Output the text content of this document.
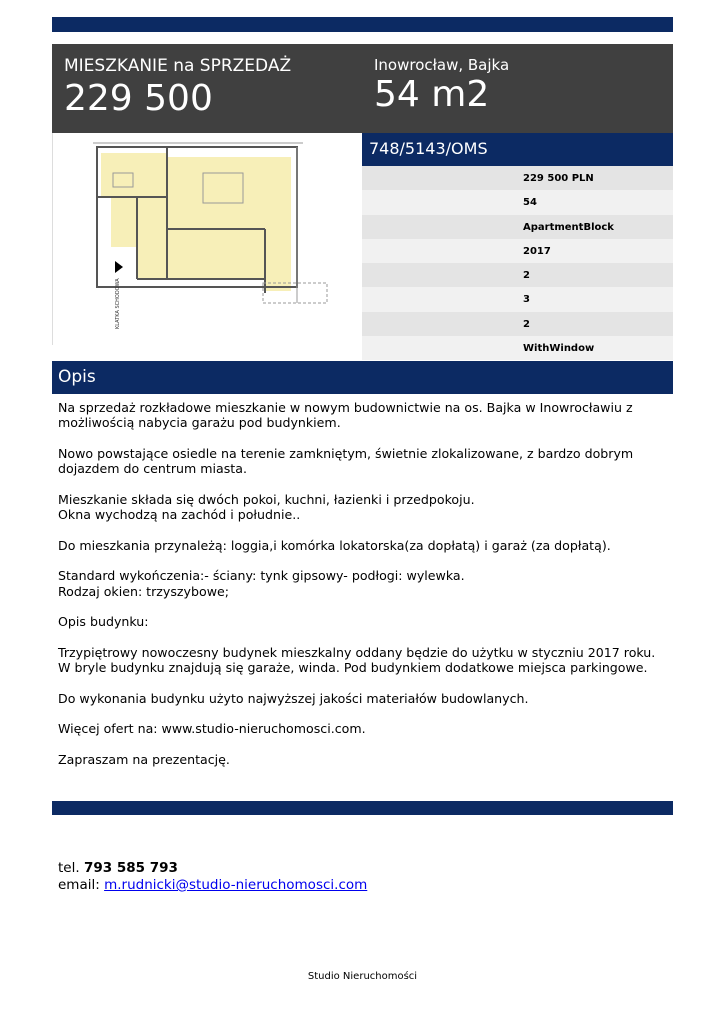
MIESZKANIE na SPRZEDAŻ
229 500
Inowrocław, Bajka
54 m2
KLATKA SCHODOWA
748/5143/OMS
229 500 PLN
54
ApartmentBlock
2017
2
3
2
WithWindow
Opis

Na sprzedaż rozkładowe mieszkanie w nowym budownictwie na os. Bajka w Inowrocławiu z możliwością nabycia garażu pod budynkiem.

Nowo powstające osiedle na terenie zamkniętym, świetnie zlokalizowane, z bardzo dobrym dojazdem do centrum miasta.

Mieszkanie składa się dwóch pokoi, kuchni, łazienki i przedpokoju.
Okna wychodzą na zachód i południe..

Do mieszkania przynależą: loggia,i komórka lokatorska(za dopłatą) i garaż (za dopłatą).

Standard wykończenia:- ściany: tynk gipsowy- podłogi: wylewka.
Rodzaj okien: trzyszybowe;

Opis budynku:

Trzypiętrowy nowoczesny budynek mieszkalny oddany będzie do użytku w styczniu 2017 roku.
W bryle budynku znajdują się garaże, winda. Pod budynkiem dodatkowe miejsca parkingowe.

Do wykonania budynku użyto najwyższej jakości materiałów budowlanych.

Więcej ofert na: www.studio-nieruchomosci.com.

Zapraszam na prezentację.

tel. 793 585 793
email: m.rudnicki@studio-nieruchomosci.com
Studio Nieruchomości
